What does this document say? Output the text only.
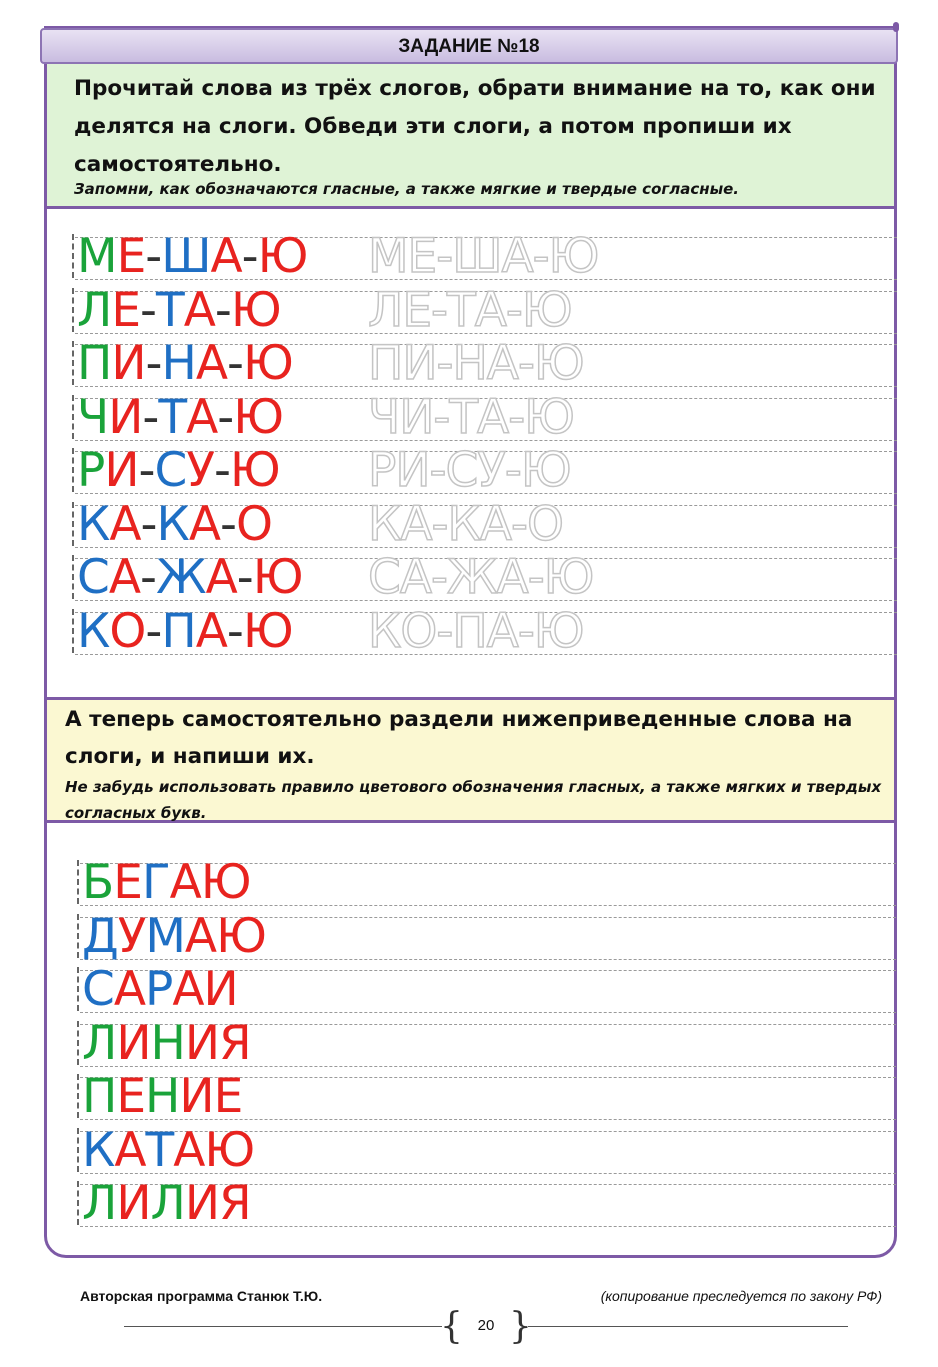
ЗАДАНИЕ №18
Прочитай слова из трёх слогов, обрати внимание на то, как они делятся на слоги. Обведи эти слоги, а потом пропиши их самостоятельно.
Запомни, как обозначаются гласные, а также мягкие и твердые согласные.
МЕ-ША-Ю МЕ-ША-Ю
ЛЕ-ТА-Ю ЛЕ-ТА-Ю
ПИ-НА-Ю ПИ-НА-Ю
ЧИ-ТА-Ю ЧИ-ТА-Ю
РИ-СУ-Ю РИ-СУ-Ю
КА-КА-О КА-КА-О
СА-ЖА-Ю СА-ЖА-Ю
КО-ПА-Ю КО-ПА-Ю
А теперь самостоятельно раздели нижеприведенные слова на слоги, и напиши их.
Не забудь использовать правило цветового обозначения гласных, а также мягких и твердых согласных букв.
БЕГАЮ
ДУМАЮ
САРАИ
ЛИНИЯ
ПЕНИЕ
КАТАЮ
ЛИЛИЯ
Авторская программа Станюк Т.Ю.	(копирование преследуется по закону РФ)
{ }
20
